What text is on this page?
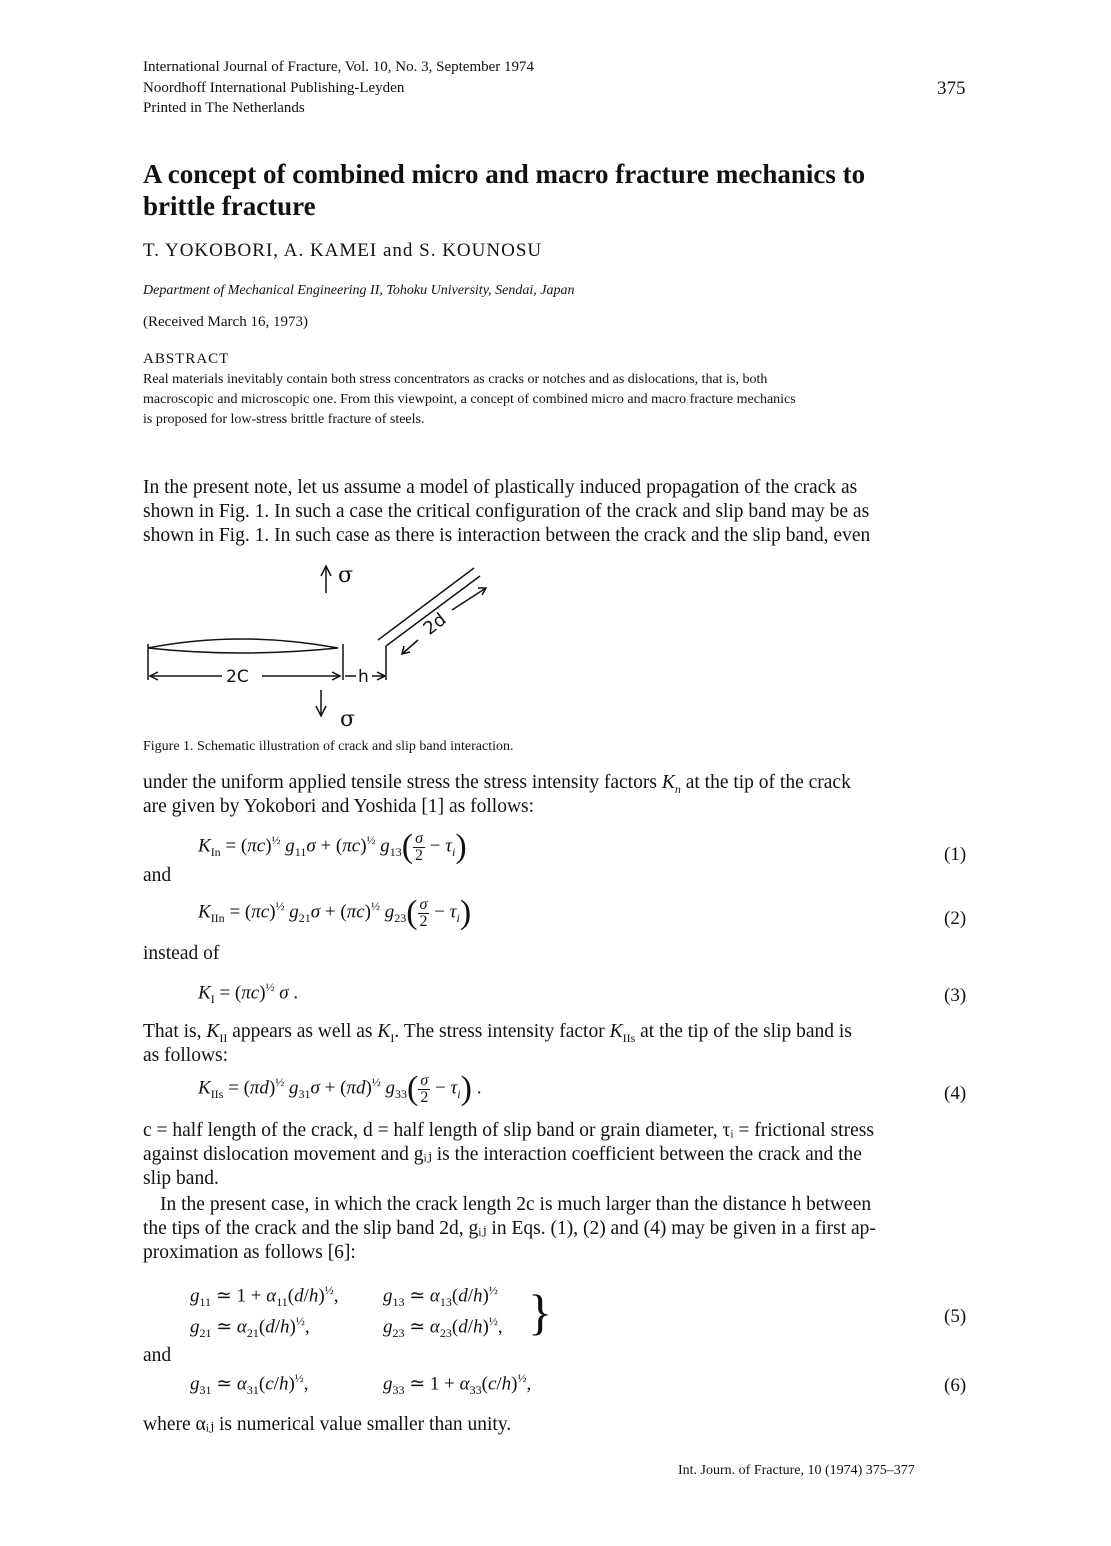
International Journal of Fracture, Vol. 10, No. 3, September 1974
Noordhoff International Publishing-Leyden
Printed in The Netherlands
375
A concept of combined micro and macro fracture mechanics to
brittle fracture
T. YOKOBORI, A. KAMEI and S. KOUNOSU
Department of Mechanical Engineering II, Tohoku University, Sendai, Japan
(Received March 16, 1973)
ABSTRACT
Real materials inevitably contain both stress concentrators as cracks or notches and as dislocations, that is, both
macroscopic and microscopic one. From this viewpoint, a concept of combined micro and macro fracture mechanics
is proposed for low-stress brittle fracture of steels.
In the present note, let us assume a model of plastically induced propagation of the crack as
shown in Fig. 1. In such a case the critical configuration of the crack and slip band may be as
shown in Fig. 1. In such case as there is interaction between the crack and the slip band, even
σ
σ
2C	h
2d
Figure 1. Schematic illustration of crack and slip band interaction.
under the uniform applied tensile stress the stress intensity factors $K_n$ at the tip of the crack
are given by Yokobori and Yoshida [1] as follows:
$K_{In} = (\pi c)^{\frac{1}{2}}$ $g_{11}\sigma + (\pi c)^{\frac{1}{2}}$ $g_{13}( \frac{\sigma}{2} - \tau_i)$	(1)
and
$K_{IIn} = (\pi c)^{\frac{1}{2}}$ $g_{21}\sigma + (\pi c)^{\frac{1}{2}}$ $g_{23}( \frac{\sigma}{2} - \tau_i)$	(2)
instead of
$K_I = (\pi c)^{\frac{1}{2}}$ σ .	(3)
That is, $K_{II}$ appears as well as $K_I$. The stress intensity factor $K_{IIs}$ at the tip of the slip band is
as follows:
$K_{IIs} = (\pi d)^{\frac{1}{2}}$ $g_{31}\sigma + (\pi d)^{\frac{1}{2}}$ $g_{33}( \frac{\sigma}{2} - \tau_i)$ .	(4)
c = half length of the crack, d = half length of slip band or grain diameter, τᵢ = frictional stress
against dislocation movement and gᵢⱼ is the interaction coefficient between the crack and the
slip band.
In the present case, in which the crack length 2c is much larger than the distance h between
the tips of the crack and the slip band 2d, gᵢⱼ in Eqs. (1), (2) and (4) may be given in a first ap-
proximation as follows [6]:
$g_{11}$ ≃ $1 + \alpha_{11}(d/h)^{\frac{1}{2}}$, $g_{13}$ ≃ $\alpha_{13}(d/h)^{\frac{1}{2}}$
$g_{21}$ ≃ $\alpha_{21}(d/h)^{\frac{1}{2}}$,	$g_{23}$ ≃ $\alpha_{23}(d/h)^{\frac{1}{2}}$, }	(5)
and
$g_{31}$ ≃ $\alpha_{31}(c/h)^{\frac{1}{2}}$,	$g_{33}$ ≃ $1 + \alpha_{33}(c/h)^{\frac{1}{2}}$,	(6)
where αᵢⱼ is numerical value smaller than unity.
Int. Journ. of Fracture, 10 (1974) 375–377
